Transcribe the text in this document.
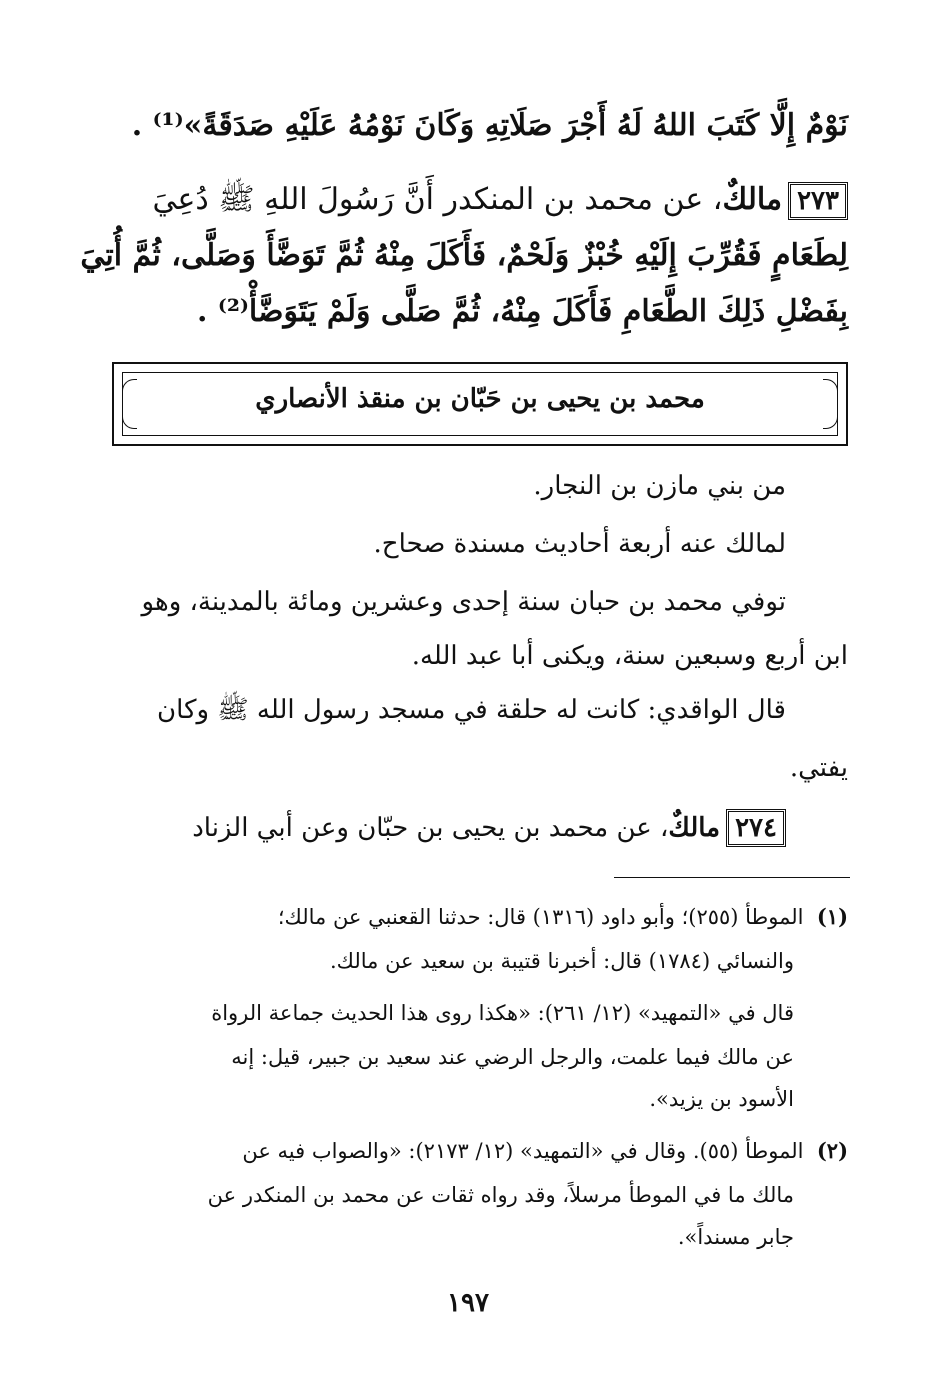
نَوْمٌ إِلَّا كَتَبَ اللهُ لَهُ أَجْرَ صَلَاتِهِ وَكَانَ نَوْمُهُ عَلَيْهِ صَدَقَةً»⁽¹⁾ .
٢٧٣مالكٌ، عن محمد بن المنكدر أَنَّ رَسُولَ اللهِ ﷺ دُعِيَ
لِطَعَامٍ فَقُرِّبَ إِلَيْهِ خُبْزٌ وَلَحْمٌ، فَأَكَلَ مِنْهُ ثُمَّ تَوَضَّأَ وَصَلَّى، ثُمَّ أُتِيَ
بِفَضْلِ ذَلِكَ الطَّعَامِ فَأَكَلَ مِنْهُ، ثُمَّ صَلَّى وَلَمْ يَتَوَضَّأْ⁽²⁾ .
محمد بن يحيى بن حَبّان بن منقذ الأنصاري
من بني مازن بن النجار.
لمالك عنه أربعة أحاديث مسندة صحاح.
توفي محمد بن حبان سنة إحدى وعشرين ومائة بالمدينة، وهو
ابن أربع وسبعين سنة، ويكنى أبا عبد الله.
قال الواقدي: كانت له حلقة في مسجد رسول الله ﷺ وكان
يفتي.
٢٧٤مالكٌ، عن محمد بن يحيى بن حبّان وعن أبي الزناد
(١)  الموطأ (٢٥٥)؛ وأبو داود (١٣١٦) قال: حدثنا القعنبي عن مالك؛
والنسائي (١٧٨٤) قال: أخبرنا قتيبة بن سعيد عن مالك.
قال في «التمهيد» (١٢/ ٢٦١): «هكذا روى هذا الحديث جماعة الرواة
عن مالك فيما علمت، والرجل الرضي عند سعيد بن جبير، قيل: إنه
الأسود بن يزيد».
(٢)  الموطأ (٥٥). وقال في «التمهيد» (١٢/ ٢١٧٣): «والصواب فيه عن
مالك ما في الموطأ مرسلاً، وقد رواه ثقات عن محمد بن المنكدر عن
جابر مسنداً».
١٩٧
